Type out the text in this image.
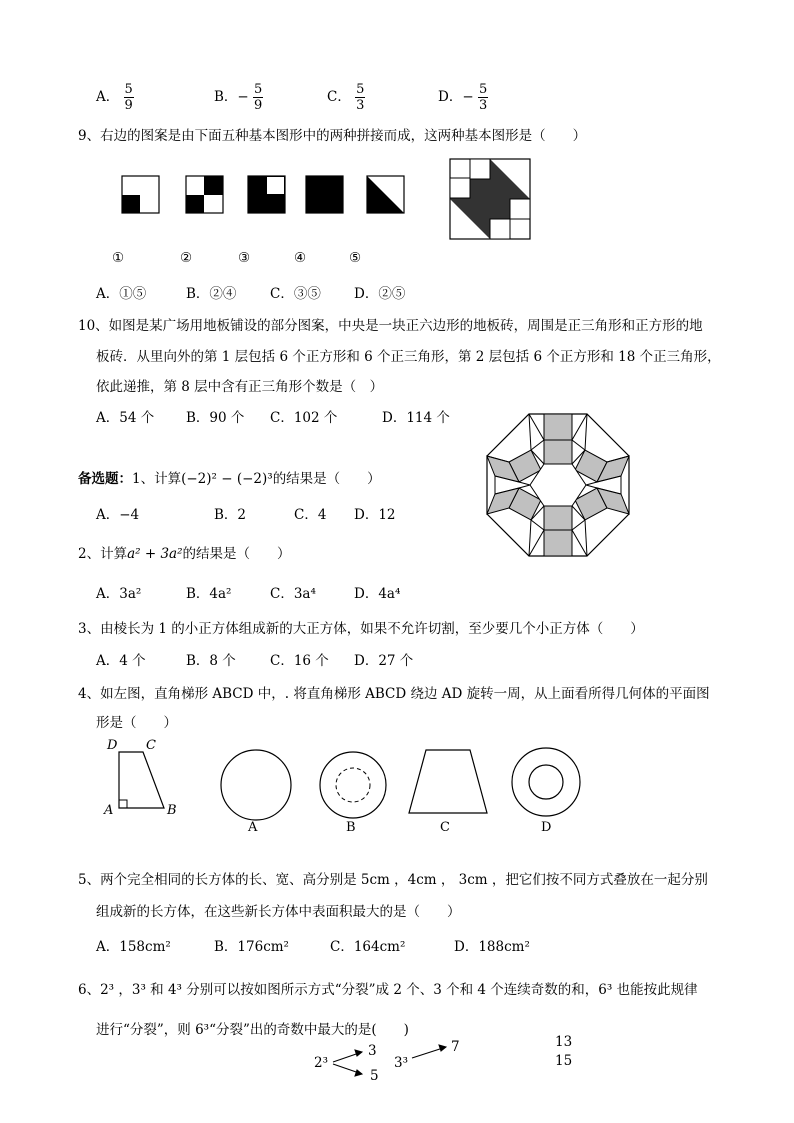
A． $\frac{5}{9}$	B．− $\frac{5}{9}$	C． $\frac{5}{3}$	D．− $\frac{5}{3}$
9、右边的图案是由下面五种基本图形中的两种拼接而成，这两种基本图形是（　　）
①	②	③	④	⑤
A．①⑤	B．②④ C．③⑤ D．②⑤
10、如图是某广场用地板铺设的部分图案，中央是一块正六边形的地板砖，周围是正三角形和正方形的地
板砖．从里向外的第 1 层包括 6 个正方形和 6 个正三角形，第 2 层包括 6 个正方形和 18 个正三角形，
依此递推，第 8 层中含有正三角形个数是（　）
A．54 个 B．90 个 C．102 个	D．114 个
备选题：1、计算(−2)² − (−2)³的结果是（　　）
A．−4	B．2	C．4 D．12
2、计算a² + 3a²的结果是（　　）
A．3a²	B．4a²	C．3a⁴	D．4a⁴
3、由棱长为 1 的小正方体组成新的大正方体，如果不允许切割，至少要几个小正方体（　　）
A．4 个	B．8 个	C．16 个 D．27 个
4、如左图，直角梯形 ABCD 中，. 将直角梯形 ABCD 绕边 AD 旋转一周，从上面看所得几何体的平面图
形是（　　）
D C
A	B
A	B	C	D
5、两个完全相同的长方体的长、宽、高分别是 5cm ，4cm ， 3cm ，把它们按不同方式叠放在一起分别
组成新的长方体，在这些新长方体中表面积最大的是（　　）
A．158cm²	B．176cm²	C．164cm²	D．188cm²
6、2³ ，3³ 和 4³ 分别可以按如图所示方式“分裂”成 2 个、3 个和 4 个连续奇数的和，6³ 也能按此规律
进行“分裂”，则 6³“分裂”出的奇数中最大的是(　　)
2³
3
5
3³
7	13
15
